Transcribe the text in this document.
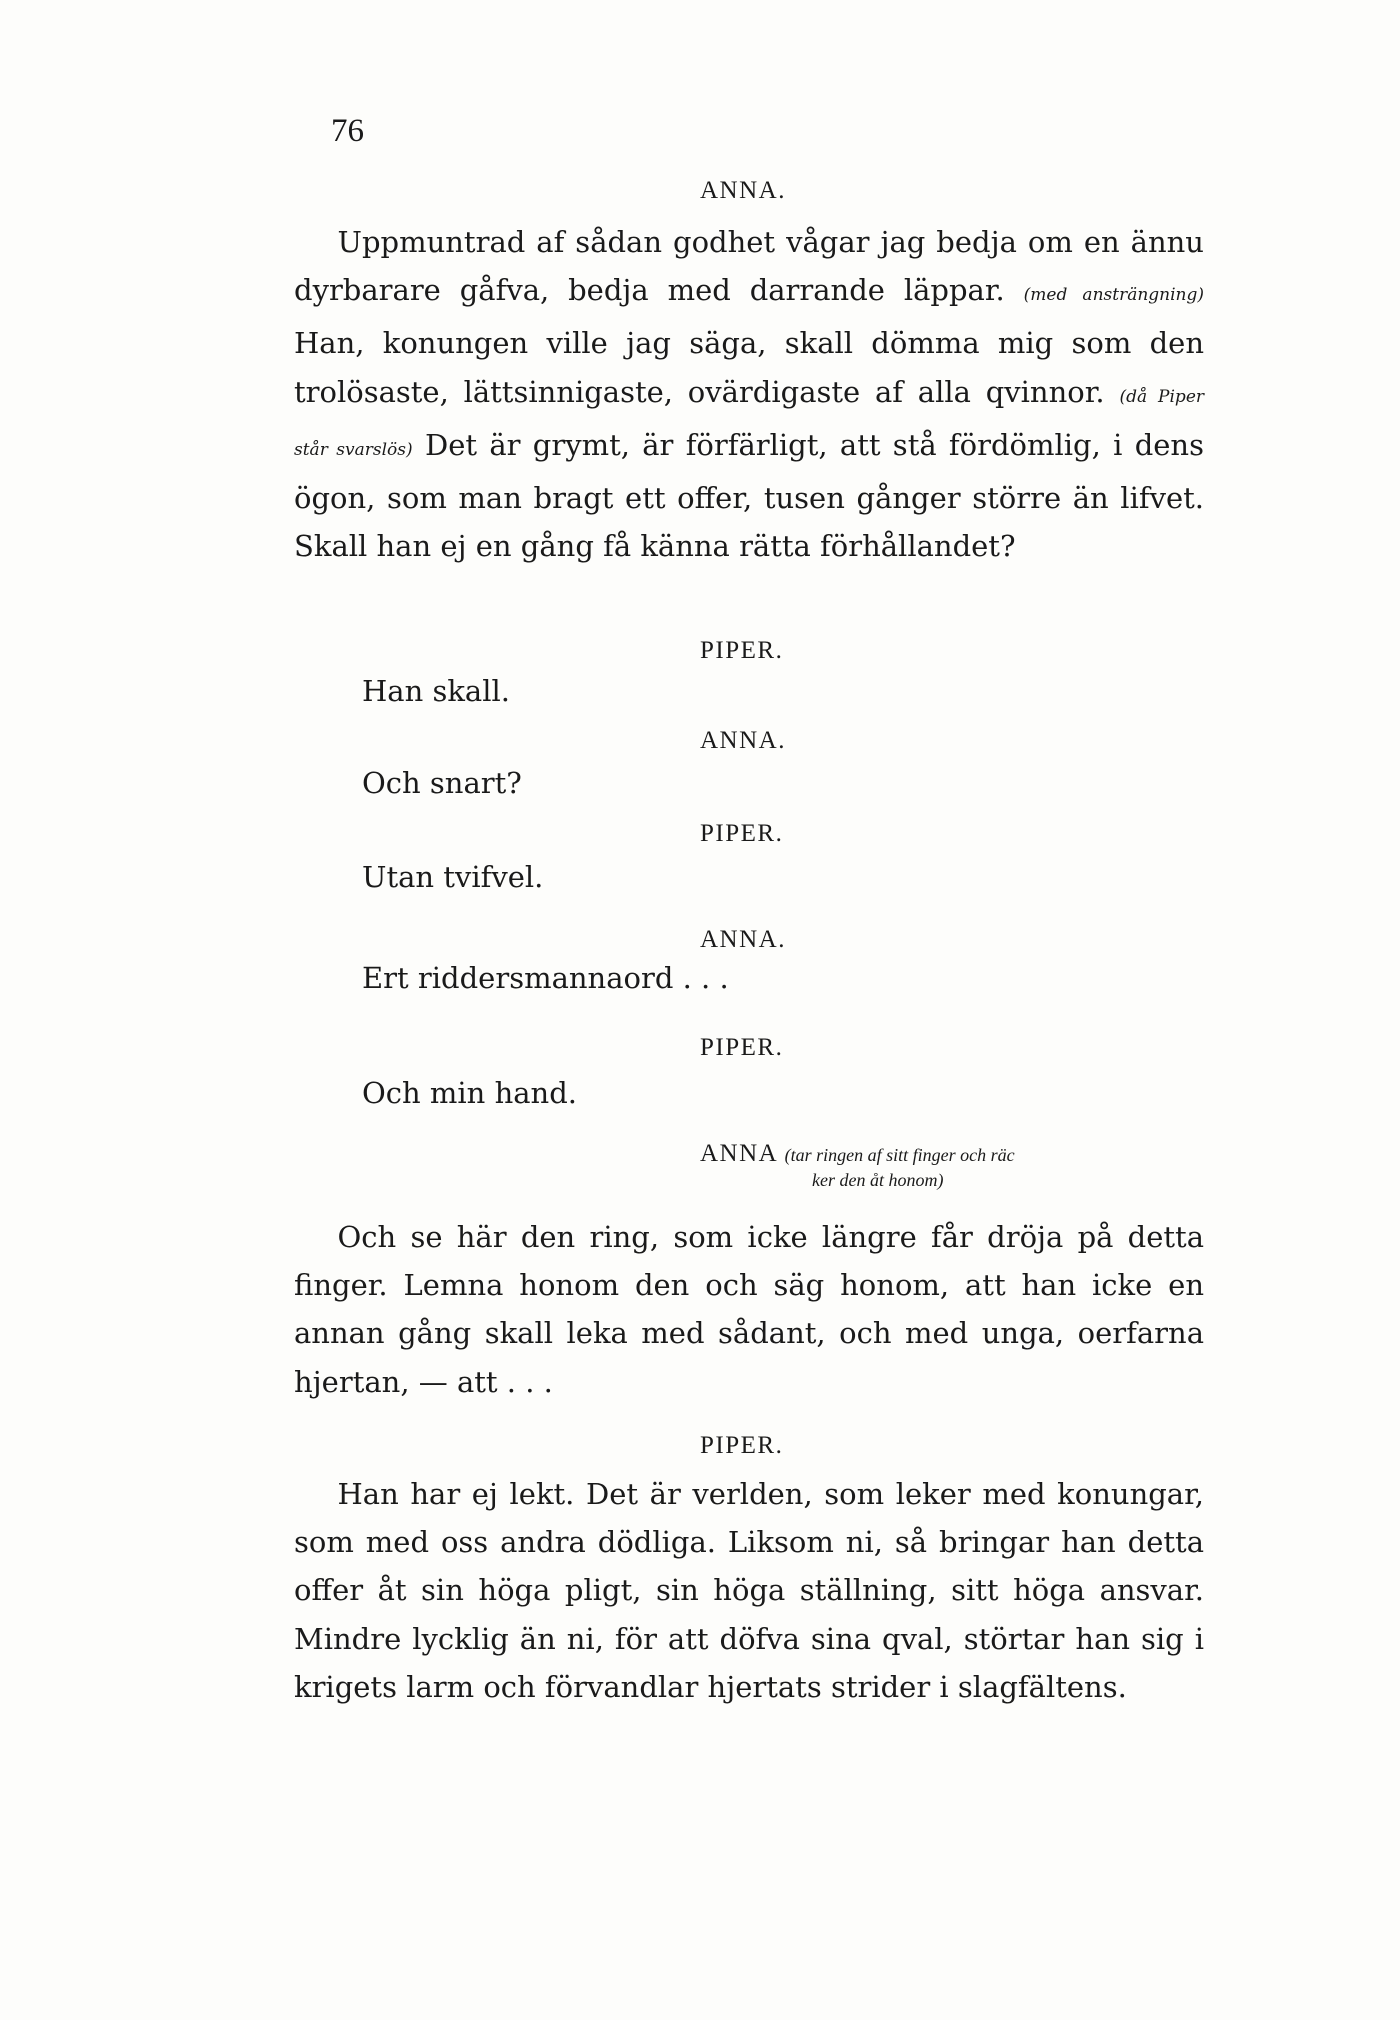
76
ANNA.

  Uppmuntrad af sådan godhet vågar jag bedja om en ännu dyrbarare gåfva, bedja med darrande läppar. (med ansträngning) Han, konungen ville jag säga, skall dömma mig som den trolösaste, lättsinnigaste, ovärdigaste af alla qvinnor. (då Piper står svarslös) Det är grymt, är förfärligt, att stå fördömlig, i dens ögon, som man bragt ett offer, tusen gånger större än lifvet. Skall han ej en gång få känna rätta förhållandet?

PIPER.
Han skall.
ANNA.
Och snart?
PIPER.
Utan tvifvel.
ANNA.
Ert riddersmannaord . . .
PIPER.
Och min hand.
ANNA (tar ringen af sitt finger och räc
ker den åt honom)

  Och se här den ring, som icke längre får dröja på detta finger. Lemna honom den och säg honom, att han icke en annan gång skall leka med sådant, och med unga, oerfarna hjertan, — att . . .

PIPER.

  Han har ej lekt. Det är verlden, som leker med konungar, som med oss andra dödliga. Liksom ni, så bringar han detta offer åt sin höga pligt, sin höga ställning, sitt höga ansvar. Mindre lycklig än ni, för att döfva sina qval, störtar han sig i krigets larm och förvandlar hjertats strider i slagfältens.
